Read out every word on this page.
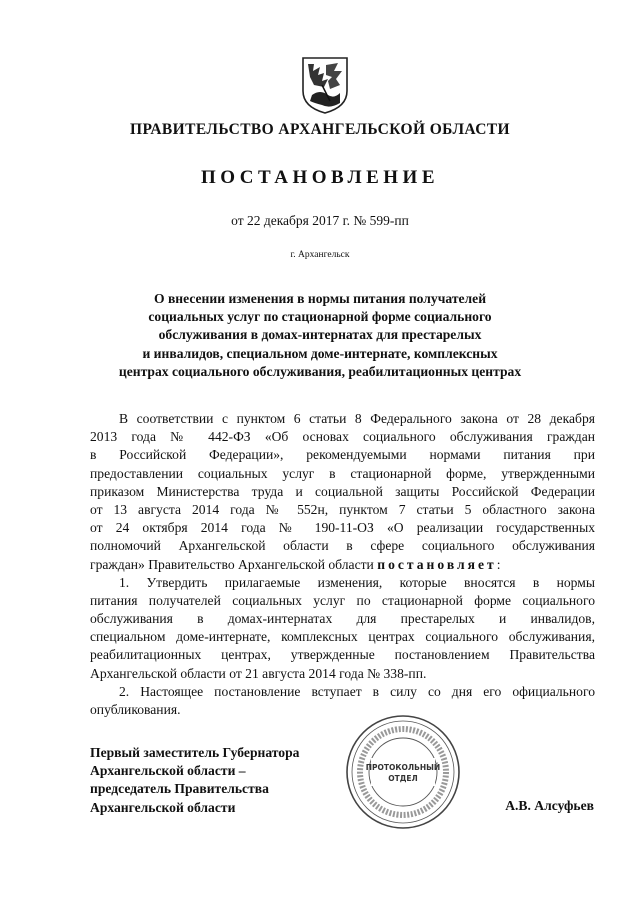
ПРАВИТЕЛЬСТВО АРХАНГЕЛЬСКОЙ ОБЛАСТИ
ПОСТАНОВЛЕНИЕ
от 22 декабря 2017 г. № 599-пп
г. Архангельск
О внесении изменения в нормы питания получателей
социальных услуг по стационарной форме социального
обслуживания в домах-интернатах для престарелых
и инвалидов, специальном доме-интернате, комплексных
центрах социального обслуживания, реабилитационных центрах
В соответствии с пунктом 6 статьи 8 Федерального закона от 28 декабря
2013 года № 442-ФЗ «Об основах социального обслуживания граждан
в Российской Федерации», рекомендуемыми нормами питания при
предоставлении социальных услуг в стационарной форме, утвержденными
приказом Министерства труда и социальной защиты Российской Федерации
от 13 августа 2014 года № 552н, пунктом 7 статьи 5 областного закона
от 24 октября 2014 года № 190-11-ОЗ «О реализации государственных
полномочий Архангельской области в сфере социального обслуживания
граждан» Правительство Архангельской области постановляет:
1. Утвердить прилагаемые изменения, которые вносятся в нормы
питания получателей социальных услуг по стационарной форме социального
обслуживания в домах-интернатах для престарелых и инвалидов,
специальном доме-интернате, комплексных центрах социального обслуживания,
реабилитационных центрах, утвержденные постановлением Правительства
Архангельской области от 21 августа 2014 года № 338-пп.
2. Настоящее постановление вступает в силу со дня его официального
опубликования.
Первый заместитель Губернатора
Архангельской области –
председатель Правительства
Архангельской области
ПРОТОКОЛЬНЫЙ
ОТДЕЛ
А.В. Алсуфьев
